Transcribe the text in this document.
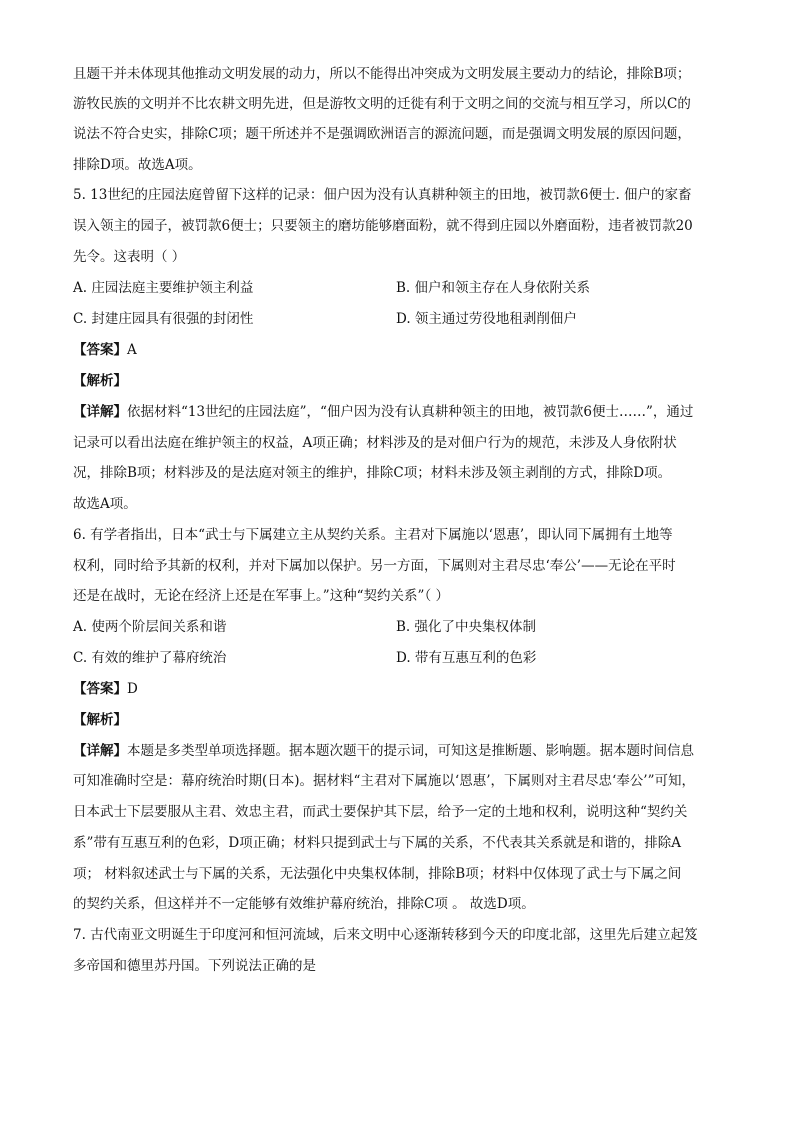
且题干并未体现其他推动文明发展的动力，所以不能得出冲突成为文明发展主要动力的结论，排除B项；
游牧民族的文明并不比农耕文明先进，但是游牧文明的迁徙有利于文明之间的交流与相互学习，所以C的
说法不符合史实，排除C项；题干所述并不是强调欧洲语言的源流问题，而是强调文明发展的原因问题，
排除D项。故选A项。
5. 13世纪的庄园法庭曾留下这样的记录：佃户因为没有认真耕种领主的田地，被罚款6便士. 佃户的家畜
误入领主的园子，被罚款6便士；只要领主的磨坊能够磨面粉，就不得到庄园以外磨面粉，违者被罚款20
先令。这表明（ ）
A. 庄园法庭主要维护领主利益	B. 佃户和领主存在人身依附关系
C. 封建庄园具有很强的封闭性	D. 领主通过劳役地租剥削佃户
【答案】A
【解析】
【详解】依据材料“13世纪的庄园法庭”，“佃户因为没有认真耕种领主的田地，被罚款6便士……”，通过
记录可以看出法庭在维护领主的权益，A项正确；材料涉及的是对佃户行为的规范，未涉及人身依附状
况，排除B项；材料涉及的是法庭对领主的维护，排除C项；材料未涉及领主剥削的方式，排除D项。
故选A项。
6. 有学者指出，日本“武士与下属建立主从契约关系。主君对下属施以‘恩惠’，即认同下属拥有土地等
权利，同时给予其新的权利，并对下属加以保护。另一方面，下属则对主君尽忠‘奉公’——无论在平时
还是在战时，无论在经济上还是在军事上。”这种“契约关系”（ ）
A. 使两个阶层间关系和谐	B. 强化了中央集权体制
C. 有效的维护了幕府统治	D. 带有互惠互利的色彩
【答案】D
【解析】
【详解】本题是多类型单项选择题。据本题次题干的提示词，可知这是推断题、影响题。据本题时间信息
可知准确时空是：幕府统治时期(日本)。据材料“主君对下属施以‘恩惠’，下属则对主君尽忠‘奉公’”可知，
日本武士下层要服从主君、效忠主君，而武士要保护其下层，给予一定的土地和权利，说明这种“契约关
系”带有互惠互利的色彩，D项正确；材料只提到武士与下属的关系，不代表其关系就是和谐的，排除A
项； 材料叙述武士与下属的关系，无法强化中央集权体制，排除B项；材料中仅体现了武士与下属之间
的契约关系，但这样并不一定能够有效维护幕府统治，排除C项 。 故选D项。
7. 古代南亚文明诞生于印度河和恒河流域，后来文明中心逐渐转移到今天的印度北部，这里先后建立起笈
多帝国和德里苏丹国。下列说法正确的是
